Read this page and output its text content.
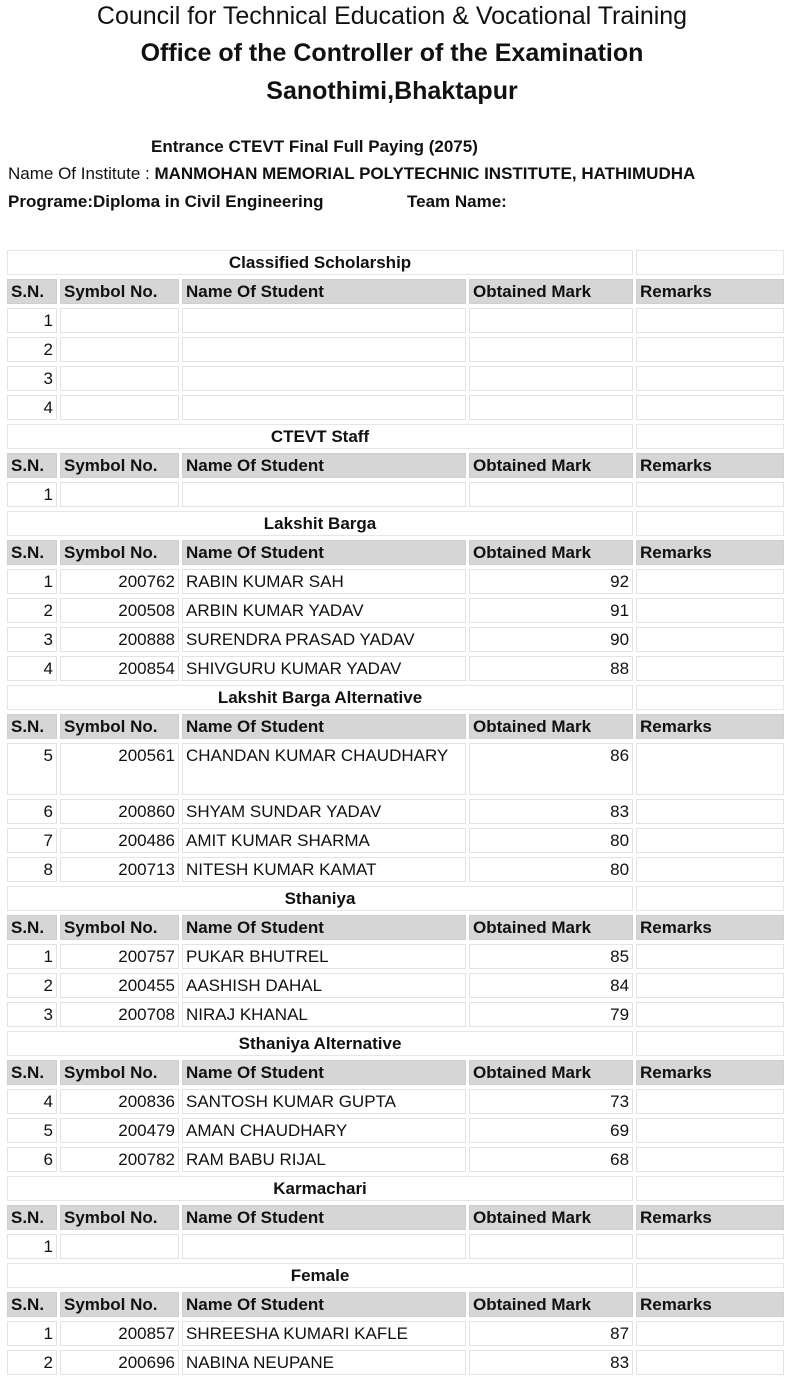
Council for Technical Education & Vocational Training
Office of the Controller of the Examination
Sanothimi,Bhaktapur
Entrance CTEVT Final Full Paying (2075)
Name Of Institute : MANMOHAN MEMORIAL POLYTECHNIC INSTITUTE, HATHIMUDHA
Programe:Diploma in Civil Engineering	Team Name:
Classified Scholarship				
S.N.	Symbol No.	Name Of Student	Obtained Mark	Remarks
1				
2				
3				
4				
CTEVT Staff				
S.N.	Symbol No.	Name Of Student	Obtained Mark	Remarks
1				
Lakshit Barga				
S.N.	Symbol No.	Name Of Student	Obtained Mark	Remarks
1	200762	RABIN KUMAR SAH	92	
2	200508	ARBIN KUMAR YADAV	91	
3	200888	SURENDRA PRASAD YADAV	90	
4	200854	SHIVGURU KUMAR YADAV	88	
Lakshit Barga Alternative				
S.N.	Symbol No.	Name Of Student	Obtained Mark	Remarks
5	200561	CHANDAN KUMAR CHAUDHARY	86	
6	200860	SHYAM SUNDAR YADAV	83	
7	200486	AMIT KUMAR SHARMA	80	
8	200713	NITESH KUMAR KAMAT	80	
Sthaniya				
S.N.	Symbol No.	Name Of Student	Obtained Mark	Remarks
1	200757	PUKAR BHUTREL	85	
2	200455	AASHISH DAHAL	84	
3	200708	NIRAJ KHANAL	79	
Sthaniya Alternative				
S.N.	Symbol No.	Name Of Student	Obtained Mark	Remarks
4	200836	SANTOSH KUMAR GUPTA	73	
5	200479	AMAN CHAUDHARY	69	
6	200782	RAM BABU RIJAL	68	
Karmachari				
S.N.	Symbol No.	Name Of Student	Obtained Mark	Remarks
1				
Female				
S.N.	Symbol No.	Name Of Student	Obtained Mark	Remarks
1	200857	SHREESHA KUMARI KAFLE	87	
2	200696	NABINA NEUPANE	83	
